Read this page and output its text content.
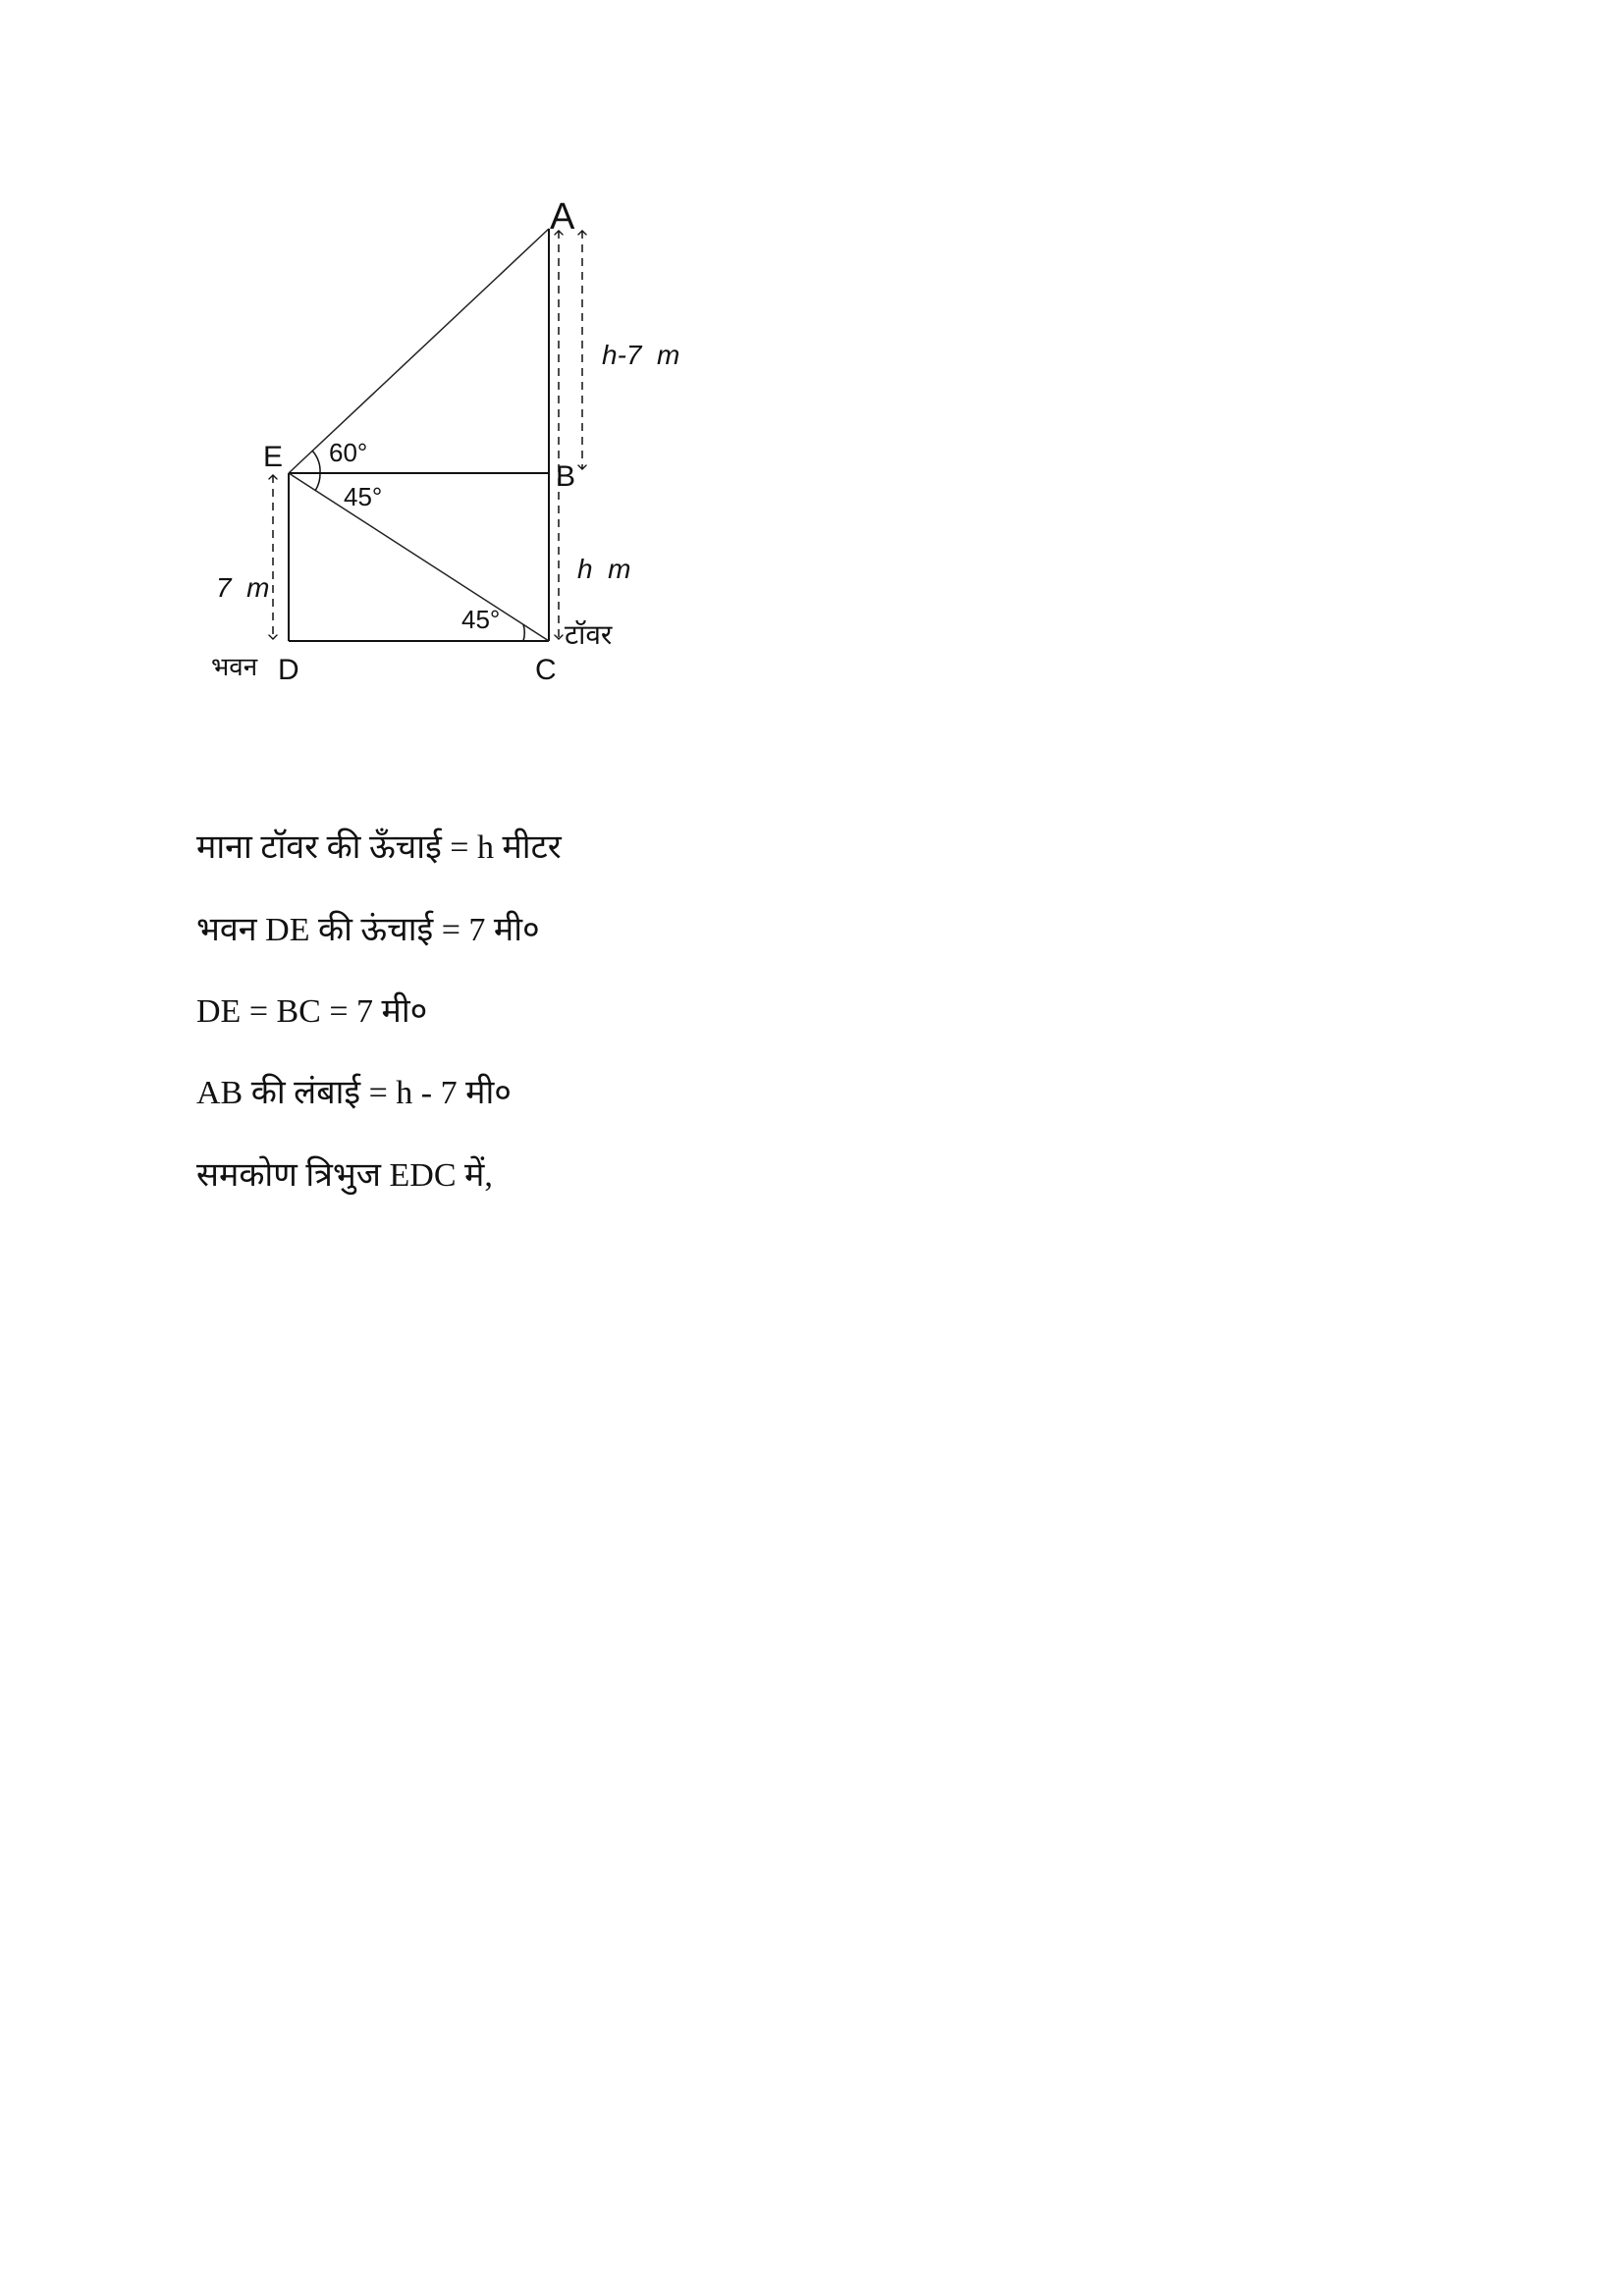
A
E
B
D	C
60°
45°
45°
h-7  m
h  m
टॉवर
7  m
भवन
माना टॉवर की ऊँचाई = h मीटर
भवन DE की ऊंचाई = 7 मी०
DE = BC = 7 मी०
AB की लंबाई = h - 7 मी०
समकोण त्रिभुज EDC में,
